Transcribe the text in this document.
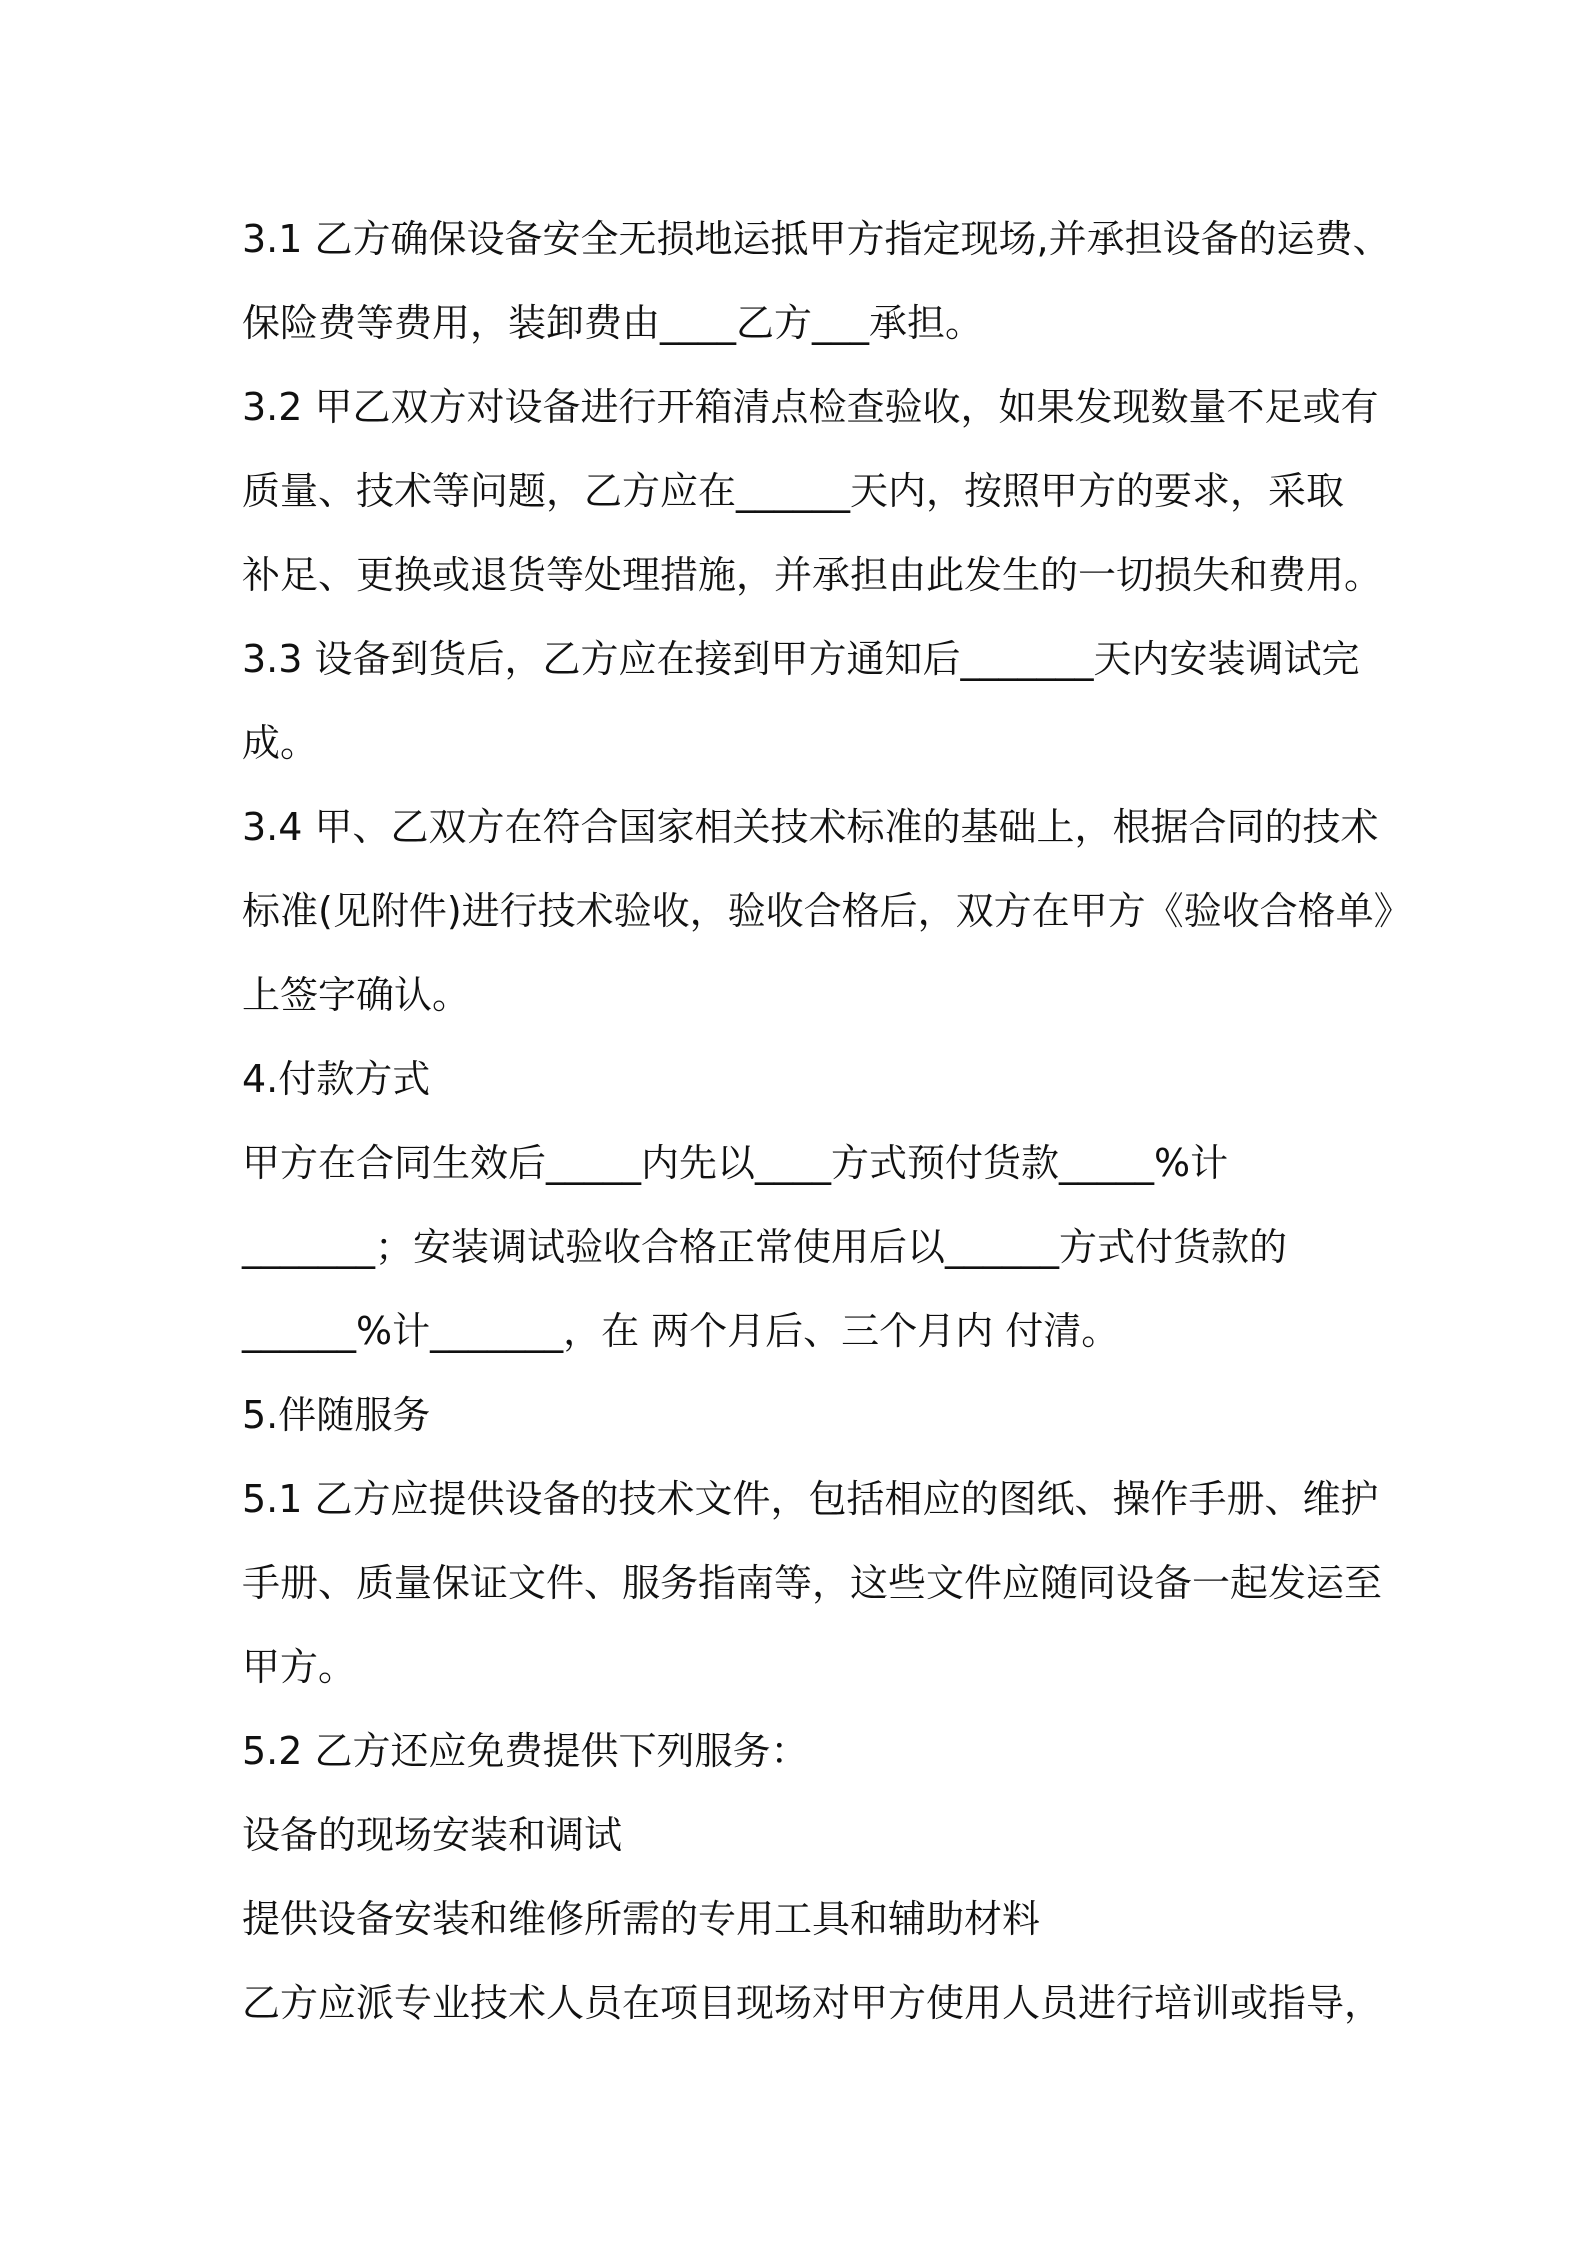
3.1 乙方确保设备安全无损地运抵甲方指定现场,并承担设备的运费、
保险费等费用，装卸费由____乙方___承担。
3.2 甲乙双方对设备进行开箱清点检查验收，如果发现数量不足或有
质量、技术等问题，乙方应在______天内，按照甲方的要求，采取
补足、更换或退货等处理措施，并承担由此发生的一切损失和费用。
3.3 设备到货后，乙方应在接到甲方通知后_______天内安装调试完
成。
3.4 甲、乙双方在符合国家相关技术标准的基础上，根据合同的技术
标准(见附件)进行技术验收，验收合格后，双方在甲方《验收合格单》
上签字确认。
4.付款方式
甲方在合同生效后_____内先以____方式预付货款_____%计
_______；安装调试验收合格正常使用后以______方式付货款的
______%计_______，在 两个月后、三个月内 付清。
5.伴随服务
5.1 乙方应提供设备的技术文件，包括相应的图纸、操作手册、维护
手册、质量保证文件、服务指南等，这些文件应随同设备一起发运至
甲方。
5.2 乙方还应免费提供下列服务：
设备的现场安装和调试
提供设备安装和维修所需的专用工具和辅助材料
乙方应派专业技术人员在项目现场对甲方使用人员进行培训或指导，
